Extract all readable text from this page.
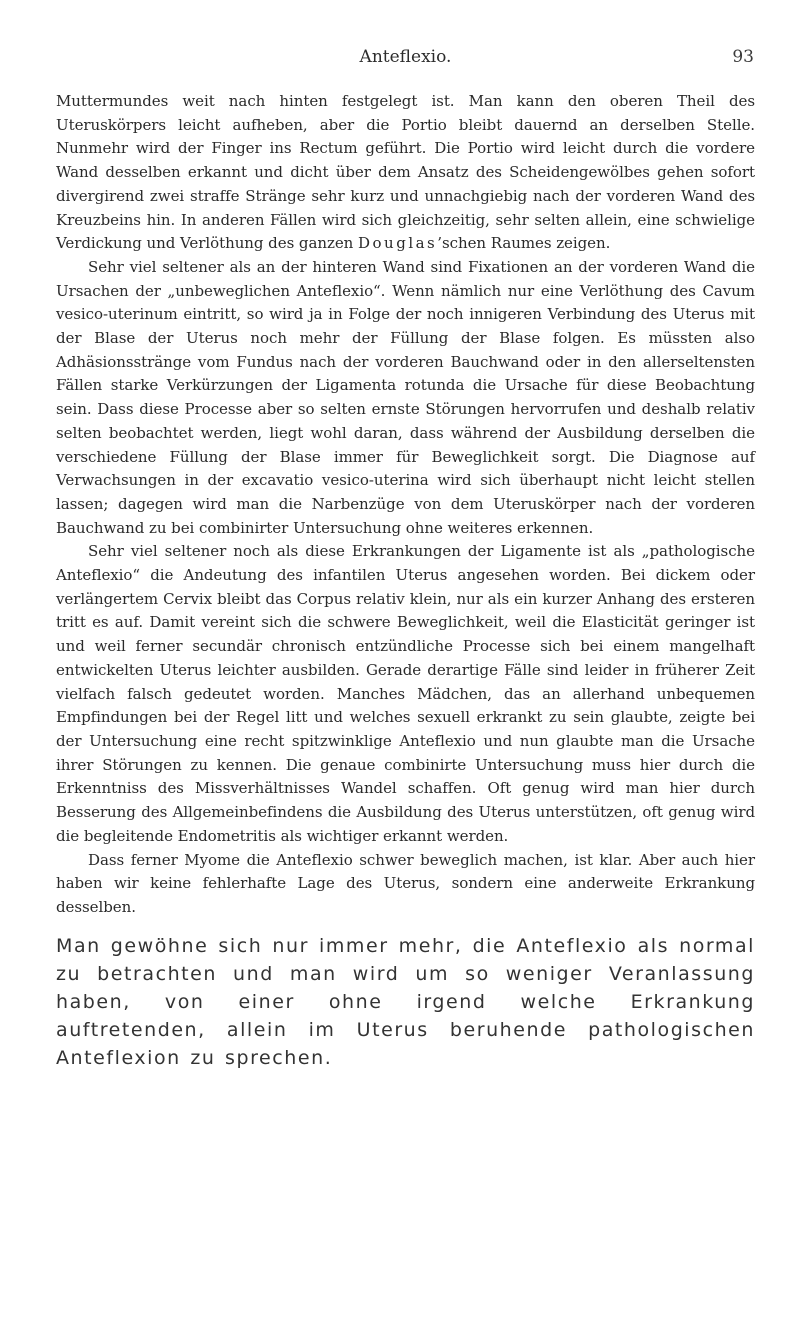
Anteflexio.	93

Muttermundes weit nach hinten festgelegt ist. Man kann den oberen Theil des Uteruskörpers leicht aufheben, aber die Portio bleibt dauernd an derselben Stelle. Nunmehr wird der Finger ins Rectum geführt. Die Portio wird leicht durch die vordere Wand desselben erkannt und dicht über dem Ansatz des Scheidengewölbes gehen sofort divergirend zwei straffe Stränge sehr kurz und unnachgiebig nach der vorderen Wand des Kreuzbeins hin. In anderen Fällen wird sich gleichzeitig, sehr selten allein, eine schwielige Verdickung und Verlöthung des ganzen Douglas’schen Raumes zeigen.

Sehr viel seltener als an der hinteren Wand sind Fixationen an der vorderen Wand die Ursachen der „unbeweglichen Anteflexio“. Wenn nämlich nur eine Verlöthung des Cavum vesico-uterinum eintritt, so wird ja in Folge der noch innigeren Verbindung des Uterus mit der Blase der Uterus noch mehr der Füllung der Blase folgen. Es müssten also Adhäsionsstränge vom Fundus nach der vorderen Bauchwand oder in den allerseltensten Fällen starke Verkürzungen der Ligamenta rotunda die Ursache für diese Beobachtung sein. Dass diese Processe aber so selten ernste Störungen hervorrufen und deshalb relativ selten beobachtet werden, liegt wohl daran, dass während der Ausbildung derselben die verschiedene Füllung der Blase immer für Beweglichkeit sorgt. Die Diagnose auf Verwachsungen in der excavatio vesico-uterina wird sich überhaupt nicht leicht stellen lassen; dagegen wird man die Narbenzüge von dem Uteruskörper nach der vorderen Bauchwand zu bei combinirter Untersuchung ohne weiteres erkennen.

Sehr viel seltener noch als diese Erkrankungen der Ligamente ist als „pathologische Anteflexio“ die Andeutung des infantilen Uterus angesehen worden. Bei dickem oder verlängertem Cervix bleibt das Corpus relativ klein, nur als ein kurzer Anhang des ersteren tritt es auf. Damit vereint sich die schwere Beweglichkeit, weil die Elasticität geringer ist und weil ferner secundär chronisch entzündliche Processe sich bei einem mangelhaft entwickelten Uterus leichter ausbilden. Gerade derartige Fälle sind leider in früherer Zeit vielfach falsch gedeutet worden. Manches Mädchen, das an allerhand unbequemen Empfindungen bei der Regel litt und welches sexuell erkrankt zu sein glaubte, zeigte bei der Untersuchung eine recht spitzwinklige Anteflexio und nun glaubte man die Ursache ihrer Störungen zu kennen. Die genaue combinirte Untersuchung muss hier durch die Erkenntniss des Missverhältnisses Wandel schaffen. Oft genug wird man hier durch Besserung des Allgemeinbefindens die Ausbildung des Uterus unterstützen, oft genug wird die begleitende Endometritis als wichtiger erkannt werden.

Dass ferner Myome die Anteflexio schwer beweglich machen, ist klar. Aber auch hier haben wir keine fehlerhafte Lage des Uterus, sondern eine anderweite Erkrankung desselben.

Man gewöhne sich nur immer mehr, die Anteflexio als normal zu betrachten und man wird um so weniger Veranlassung haben, von einer ohne irgend welche Erkrankung auftretenden, allein im Uterus beruhende pathologischen Anteflexion zu sprechen.
